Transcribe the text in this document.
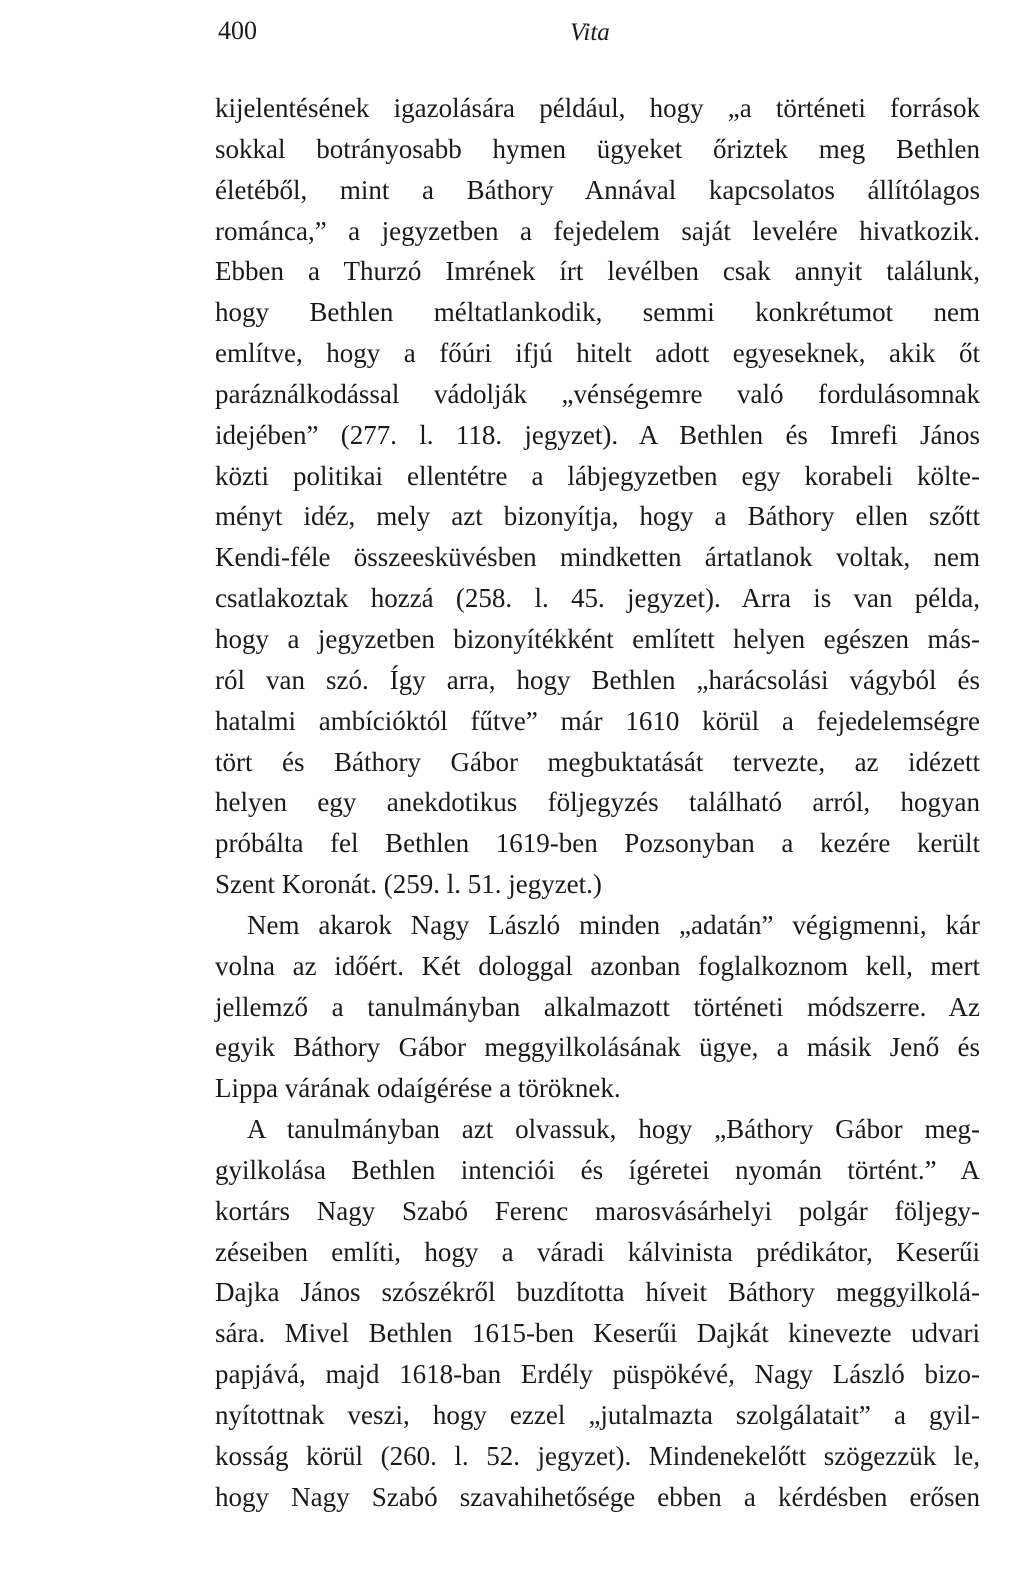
400	Vita
kijelentésének igazolására például, hogy „a történeti források
sokkal botrányosabb hymen ügyeket őriztek meg Bethlen
életéből, mint a Báthory Annával kapcsolatos állítólagos
románca,” a jegyzetben a fejedelem saját levelére hivatkozik.
Ebben a Thurzó Imrének írt levélben csak annyit találunk,
hogy Bethlen méltatlankodik, semmi konkrétumot nem
említve, hogy a főúri ifjú hitelt adott egyeseknek, akik őt
paráználkodással vádolják „vénségemre való fordulásomnak
idejében” (277. l. 118. jegyzet). A Bethlen és Imrefi János
közti politikai ellentétre a lábjegyzetben egy korabeli költe-
ményt idéz, mely azt bizonyítja, hogy a Báthory ellen szőtt
Kendi-féle összeesküvésben mindketten ártatlanok voltak, nem
csatlakoztak hozzá (258. l. 45. jegyzet). Arra is van példa,
hogy a jegyzetben bizonyítékként említett helyen egészen más-
ról van szó. Így arra, hogy Bethlen „harácsolási vágyból és
hatalmi ambícióktól fűtve” már 1610 körül a fejedelemségre
tört és Báthory Gábor megbuktatását tervezte, az idézett
helyen egy anekdotikus följegyzés található arról, hogyan
próbálta fel Bethlen 1619-ben Pozsonyban a kezére került
Szent Koronát. (259. l. 51. jegyzet.)
Nem akarok Nagy László minden „adatán” végigmenni, kár
volna az időért. Két dologgal azonban foglalkoznom kell, mert
jellemző a tanulmányban alkalmazott történeti módszerre. Az
egyik Báthory Gábor meggyilkolásának ügye, a másik Jenő és
Lippa várának odaígérése a töröknek.
A tanulmányban azt olvassuk, hogy „Báthory Gábor meg-
gyilkolása Bethlen intenciói és ígéretei nyomán történt.” A
kortárs Nagy Szabó Ferenc marosvásárhelyi polgár följegy-
zéseiben említi, hogy a váradi kálvinista prédikátor, Keserűi
Dajka János szószékről buzdította híveit Báthory meggyilkolá-
sára. Mivel Bethlen 1615-ben Keserűi Dajkát kinevezte udvari
papjává, majd 1618-ban Erdély püspökévé, Nagy László bizo-
nyítottnak veszi, hogy ezzel „jutalmazta szolgálatait” a gyil-
kosság körül (260. l. 52. jegyzet). Mindenekelőtt szögezzük le,
hogy Nagy Szabó szavahihetősége ebben a kérdésben erősen
